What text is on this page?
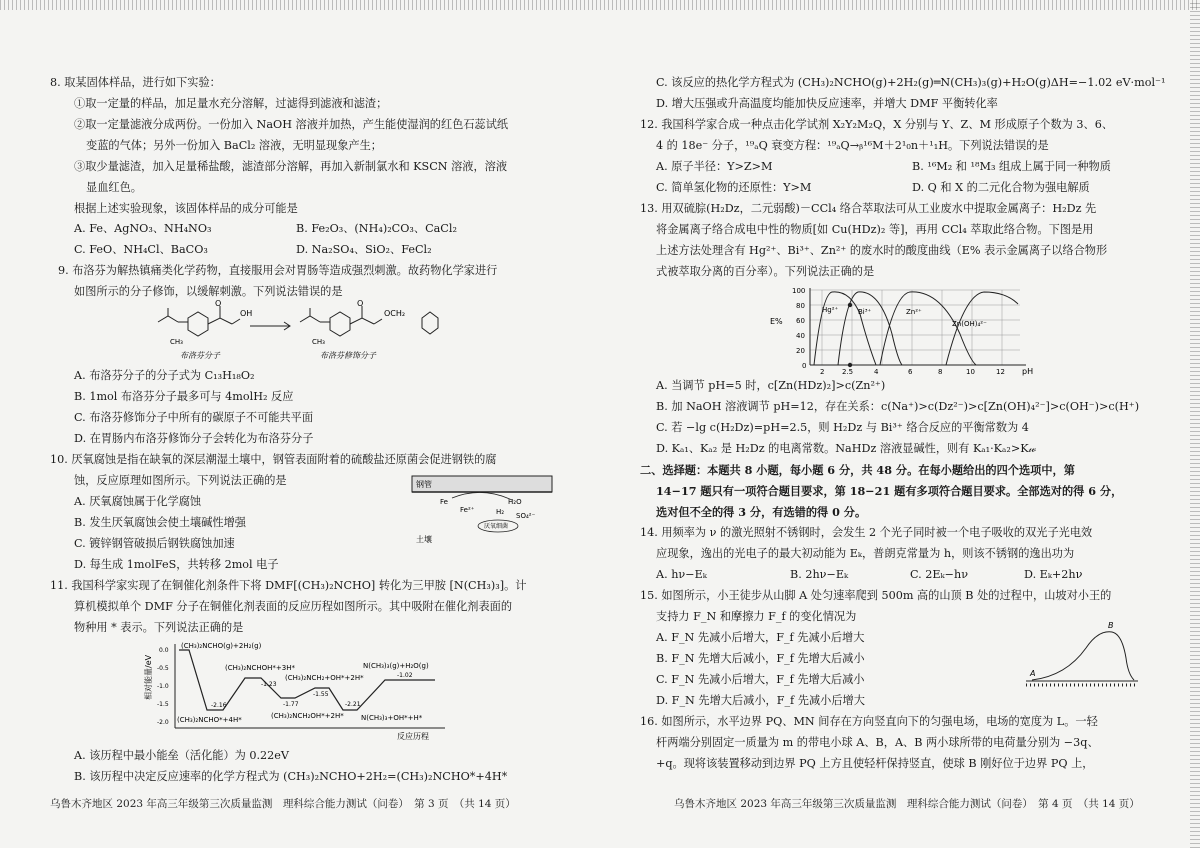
8. 取某固体样品，进行如下实验：
①取一定量的样品，加足量水充分溶解，过滤得到滤液和滤渣；
②取一定量滤液分成两份。一份加入 NaOH 溶液并加热，产生能使湿润的红色石蕊试纸
变蓝的气体；另外一份加入 BaCl₂ 溶液，无明显现象产生；
③取少量滤渣，加入足量稀盐酸，滤渣部分溶解，再加入新制氯水和 KSCN 溶液，溶液
显血红色。
根据上述实验现象，该固体样品的成分可能是
A. Fe、AgNO₃、NH₄NO₃	B. Fe₂O₃、(NH₄)₂CO₃、CaCl₂
C. FeO、NH₄Cl、BaCO₃	D. Na₂SO₄、SiO₂、FeCl₂
9. 布洛芬为解热镇痛类化学药物，直接服用会对胃肠等造成强烈刺激。故药物化学家进行
如图所示的分子修饰，以缓解刺激。下列说法错误的是
O
OH
CH₃
O
OCH₂
CH₃
布洛芬分子	布洛芬修饰分子
A. 布洛芬分子的分子式为 C₁₃H₁₈O₂
B. 1mol 布洛芬分子最多可与 4molH₂ 反应
C. 布洛芬修饰分子中所有的碳原子不可能共平面
D. 在胃肠内布洛芬修饰分子会转化为布洛芬分子
10. 厌氧腐蚀是指在缺氧的深层潮湿土壤中，钢管表面附着的硫酸盐还原菌会促进钢铁的腐
蚀，反应原理如图所示。下列说法正确的是
A. 厌氧腐蚀属于化学腐蚀
B. 发生厌氧腐蚀会使土壤碱性增强
C. 镀锌钢管破损后钢铁腐蚀加速
D. 每生成 1molFeS，共转移 2mol 电子
钢管
Fe
Fe²⁺
H₂O
H₂ SO₄²⁻
厌氧细菌
土壤
11. 我国科学家实现了在铜催化剂条件下将 DMF[(CH₃)₂NCHO] 转化为三甲胺 [N(CH₃)₃]。计
算机模拟单个 DMF 分子在铜催化剂表面的反应历程如图所示。其中吸附在催化剂表面的
物种用 * 表示。下列说法正确的是
相对能量/eV
反应历程
0.0
-0.5
-1.0
-1.5
-2.0
(CH₃)₂NCHO(g)+2H₂(g)
(CH₃)₂NCHOH*+3H*	N(CH₃)₃(g)+H₂O(g)
-1.23
(CH₃)₂NCH₂+OH*+2H*	-1.02
-1.77
-1.55
-2.16	-2.21
(CH₃)₂NCHO*+4H*	(CH₃)₂NCH₂OH*+2H* N(CH₃)₃+OH*+H*
A. 该历程中最小能垒（活化能）为 0.22eV
B. 该历程中决定反应速率的化学方程式为 (CH₃)₂NCHO+2H₂=(CH₃)₂NCHO*+4H*
乌鲁木齐地区 2023 年高三年级第三次质量监测　理科综合能力测试（问卷）　第 3 页　（共 14 页）
C. 该反应的热化学方程式为 (CH₃)₂NCHO(g)+2H₂(g)═N(CH₃)₃(g)+H₂O(g)ΔH=−1.02 eV·mol⁻¹
D. 增大压强或升高温度均能加快反应速率，并增大 DMF 平衡转化率
12. 我国科学家合成一种点击化学试剂 X₂Y₂M₂Q，X 分别与 Y、Z、M 形成原子个数为 3、6、
4 的 18e⁻ 分子，¹⁹ₐQ 衰变方程：¹⁹ₐQ→ᵦ¹⁶M＋2¹₀n＋¹₁H。下列说法错误的是
A. 原子半径：Y>Z>M	B. ¹⁶M₂ 和 ¹⁸M₃ 组成上属于同一种物质
C. 简单氢化物的还原性：Y>M	D. Q 和 X 的二元化合物为强电解质
13. 用双硫腙(H₂Dz，二元弱酸)－CCl₄ 络合萃取法可从工业废水中提取金属离子：H₂Dz 先
将金属离子络合成电中性的物质[如 Cu(HDz)₂ 等]，再用 CCl₄ 萃取此络合物。下图是用
上述方法处理含有 Hg²⁺、Bi³⁺、Zn²⁺ 的废水时的酸度曲线（E% 表示金属离子以络合物形
式被萃取分离的百分率）。下列说法正确的是
E%
pH
100
80
60
40
20
0
2	2.5	4	6	8	10	12
Hg²⁺	Bi³⁺	Zn²⁺
Zn(OH)₄²⁻
A. 当调节 pH=5 时，c[Zn(HDz)₂]>c(Zn²⁺)
B. 加 NaOH 溶液调节 pH=12，存在关系：c(Na⁺)>c(Dz²⁻)>c[Zn(OH)₄²⁻]>c(OH⁻)>c(H⁺)
C. 若 −lg c(H₂Dz)=pH=2.5，则 H₂Dz 与 Bi³⁺ 络合反应的平衡常数为 4
D. Kₐ₁、Kₐ₂ 是 H₂Dz 的电离常数。NaHDz 溶液显碱性，则有 Kₐ₁·Kₐ₂>K𝓌
二、选择题：本题共 8 小题，每小题 6 分，共 48 分。在每小题给出的四个选项中，第
14−17 题只有一项符合题目要求，第 18−21 题有多项符合题目要求。全部选对的得 6 分，
选对但不全的得 3 分，有选错的得 0 分。
14. 用频率为 ν 的激光照射不锈钢时，会发生 2 个光子同时被一个电子吸收的双光子光电效
应现象，逸出的光电子的最大初动能为 Eₖ，普朗克常量为 h，则该不锈钢的逸出功为
A. hν−Eₖ	B. 2hν−Eₖ	C. 2Eₖ−hν	D. Eₖ+2hν
15. 如图所示，小王徒步从山脚 A 处匀速率爬到 500m 高的山顶 B 处的过程中，山坡对小王的
支持力 F_N 和摩擦力 F_f 的变化情况为
A. F_N 先减小后增大，F_f 先减小后增大
B. F_N 先增大后减小，F_f 先增大后减小
C. F_N 先减小后增大，F_f 先增大后减小
D. F_N 先增大后减小，F_f 先减小后增大
A
B
16. 如图所示，水平边界 PQ、MN 间存在方向竖直向下的匀强电场，电场的宽度为 L。一轻
杆两端分别固定一质量为 m 的带电小球 A、B，A、B 两小球所带的电荷量分别为 −3q、
+q。现将该装置移动到边界 PQ 上方且使轻杆保持竖直，使球 B 刚好位于边界 PQ 上，
乌鲁木齐地区 2023 年高三年级第三次质量监测　理科综合能力测试（问卷）　第 4 页　（共 14 页）
